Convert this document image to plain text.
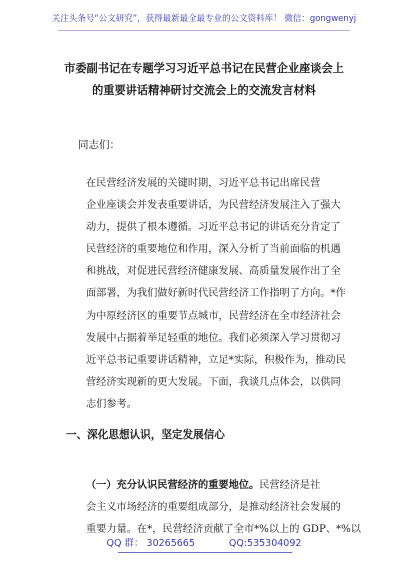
关注头条号“公文研究”，获得最新最全最专业的公文资料库！ 微信：gongwenyj
市委副书记在专题学习习近平总书记在民营企业座谈会上
的重要讲话精神研讨交流会上的交流发言材料
同志们：
在民营经济发展的关键时期，习近平总书记出席民营
企业座谈会并发表重要讲话，为民营经济发展注入了强大
动力，提供了根本遵循。习近平总书记的讲话充分肯定了
民营经济的重要地位和作用，深入分析了当前面临的机遇
和挑战，对促进民营经济健康发展、高质量发展作出了全
面部署，为我们做好新时代民营经济工作指明了方向。*作
为中原经济区的重要节点城市，民营经济在全市经济社会
发展中占据着举足轻重的地位。我们必须深入学习贯彻习
近平总书记重要讲话精神，立足*实际，积极作为，推动民
营经济实现新的更大发展。下面，我谈几点体会，以供同
志们参考。
一、深化思想认识，坚定发展信心
（一）充分认识民营经济的重要地位。民营经济是社
会主义市场经济的重要组成部分，是推动经济社会发展的
重要力量。在*，民营经济贡献了全市*%以上的 GDP、*%以
QQ 群： 30265665	QQ:535304092
